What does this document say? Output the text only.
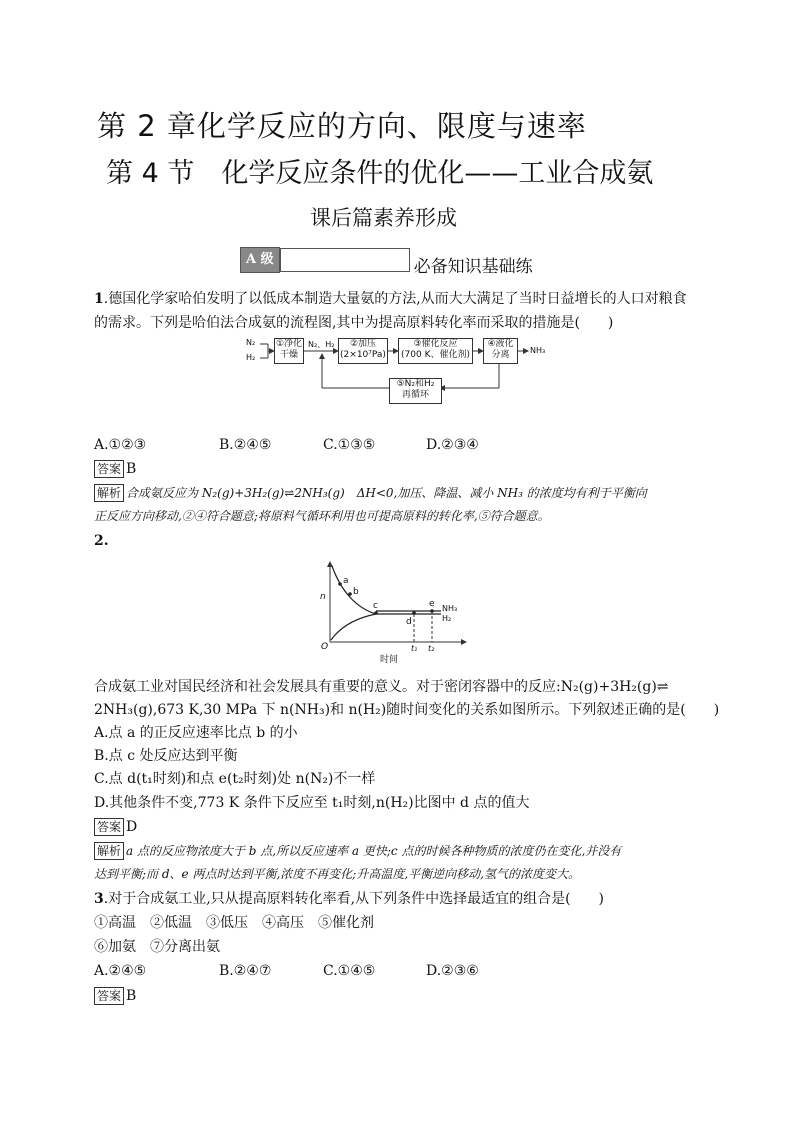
第 2 章化学反应的方向、限度与速率
第 4 节　化学反应条件的优化——工业合成氨
课后篇素养形成
A 级	必备知识基础练
1.德国化学家哈伯发明了以低成本制造大量氨的方法,从而大大满足了当时日益增长的人口对粮食
的需求。下列是哈伯法合成氨的流程图,其中为提高原料转化率而采取的措施是(　　)
N₂
H₂
①净化
干燥
N₂、H₂	②加压
(2×10⁷Pa)
③催化反应
(700 K、催化剂)
④液化
分离	NH₃
⑤N₂和H₂
再循环
A.①②③	B.②④⑤	C.①③⑤	D.②③④
答案 B
解析 合成氨反应为 N₂(g)+3H₂(g)⇌2NH₃(g)　ΔH<0,加压、降温、减小 NH₃ 的浓度均有利于平衡向
正反应方向移动,②④符合题意;将原料气循环利用也可提高原料的转化率,⑤符合题意。
2.
n
O
时间
a
b
c
d
e NH₃
H₂
t₁ t₂
合成氨工业对国民经济和社会发展具有重要的意义。对于密闭容器中的反应:N₂(g)+3H₂(g)⇌
2NH₃(g),673 K,30 MPa 下 n(NH₃)和 n(H₂)随时间变化的关系如图所示。下列叙述正确的是(　　)
A.点 a 的正反应速率比点 b 的小
B.点 c 处反应达到平衡
C.点 d(t₁时刻)和点 e(t₂时刻)处 n(N₂)不一样
D.其他条件不变,773 K 条件下反应至 t₁时刻,n(H₂)比图中 d 点的值大
答案 D
解析 a 点的反应物浓度大于 b 点,所以反应速率 a 更快;c 点的时候各种物质的浓度仍在变化,并没有
达到平衡;而 d、e 两点时达到平衡,浓度不再变化;升高温度,平衡逆向移动,氢气的浓度变大。
3.对于合成氨工业,只从提高原料转化率看,从下列条件中选择最适宜的组合是(　　)
①高温　②低温　③低压　④高压　⑤催化剂
⑥加氨　⑦分离出氨
A.②④⑤	B.②④⑦	C.①④⑤	D.②③⑥
答案 B
